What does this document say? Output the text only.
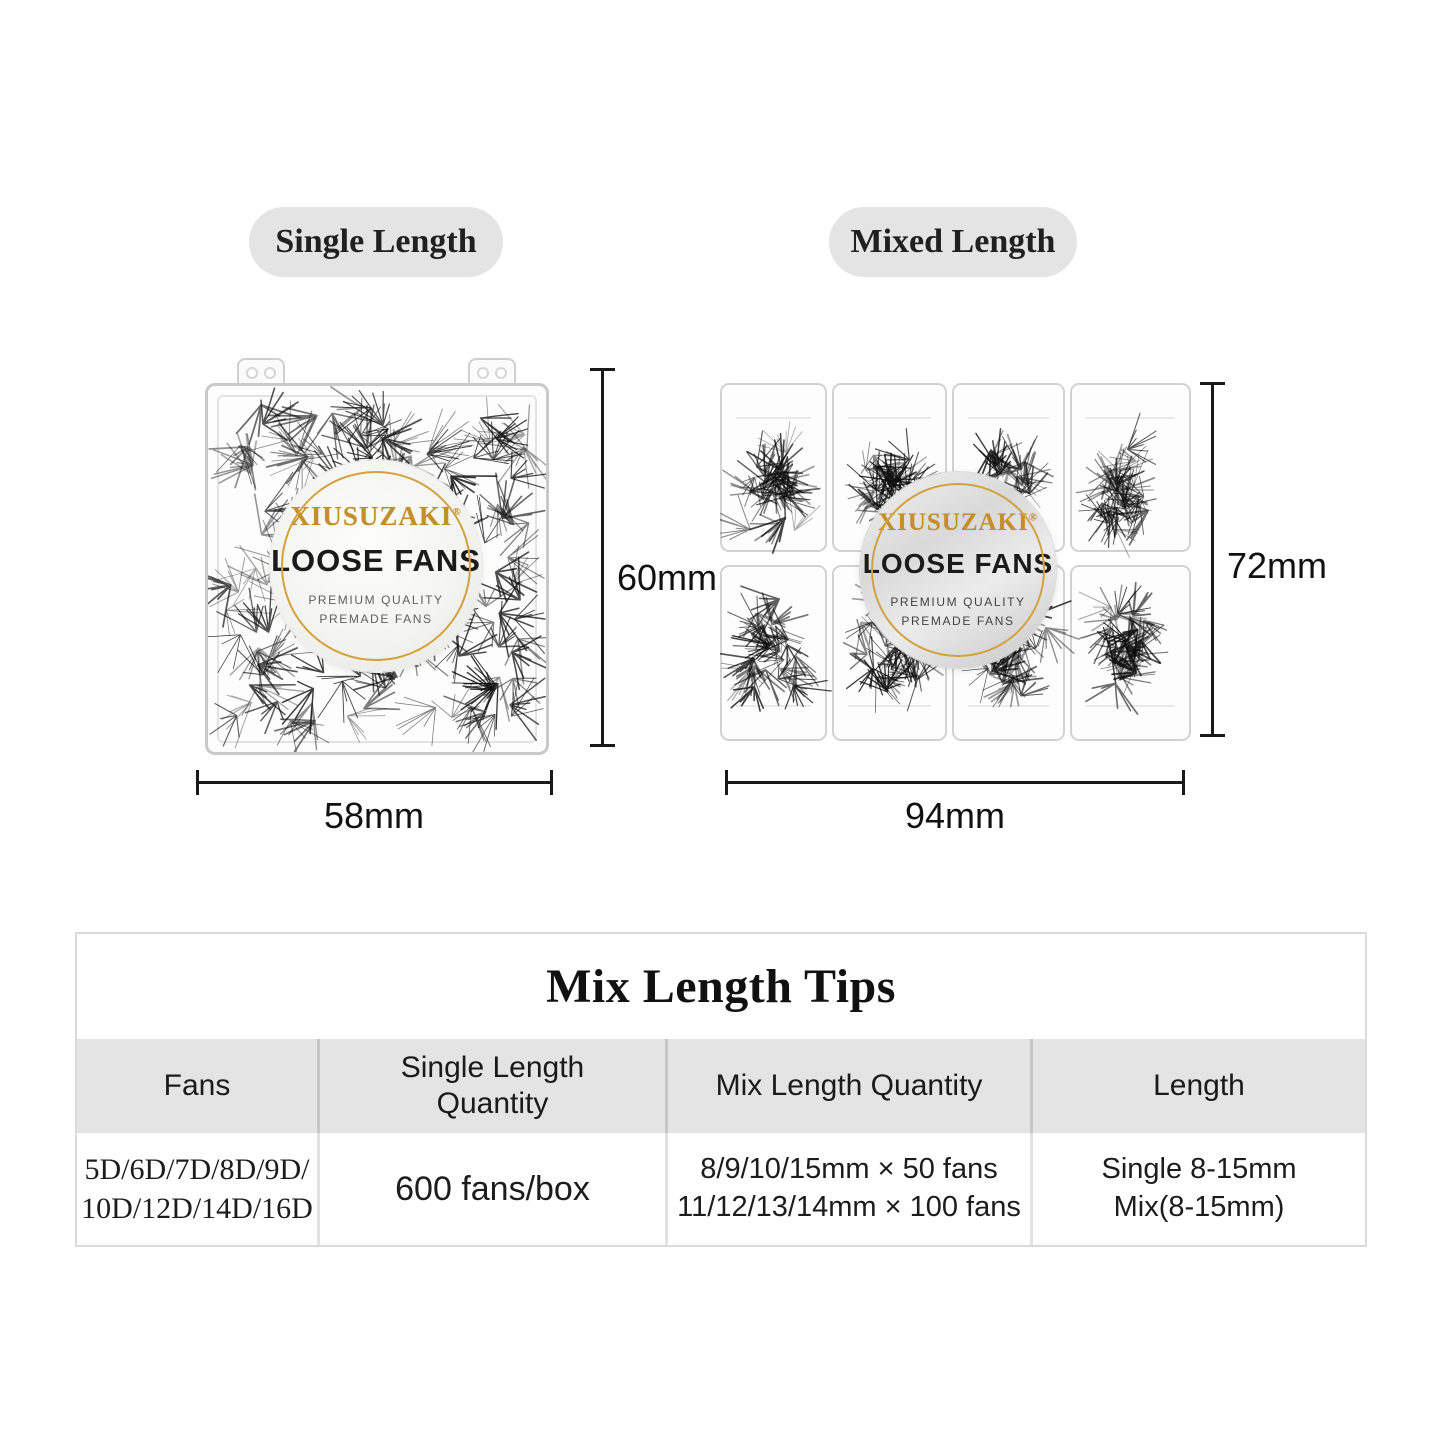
Single Length	Mixed Length
XIUSUZAKI®
LOOSE FANS
PREMIUM QUALITY
PREMADE FANS
XIUSUZAKI®
LOOSE FANS
PREMIUM QUALITY
PREMADE FANS
60mm
58mm
72mm
94mm
Mix Length Tips
Fans
Single Length Quantity
Mix Length Quantity	Length
5D/6D/7D/8D/9D/
10D/12D/14D/16D
600 fans/box
8/9/10/15mm × 50 fans
11/12/13/14mm × 100 fans
Single 8-15mm
Mix(8-15mm)
